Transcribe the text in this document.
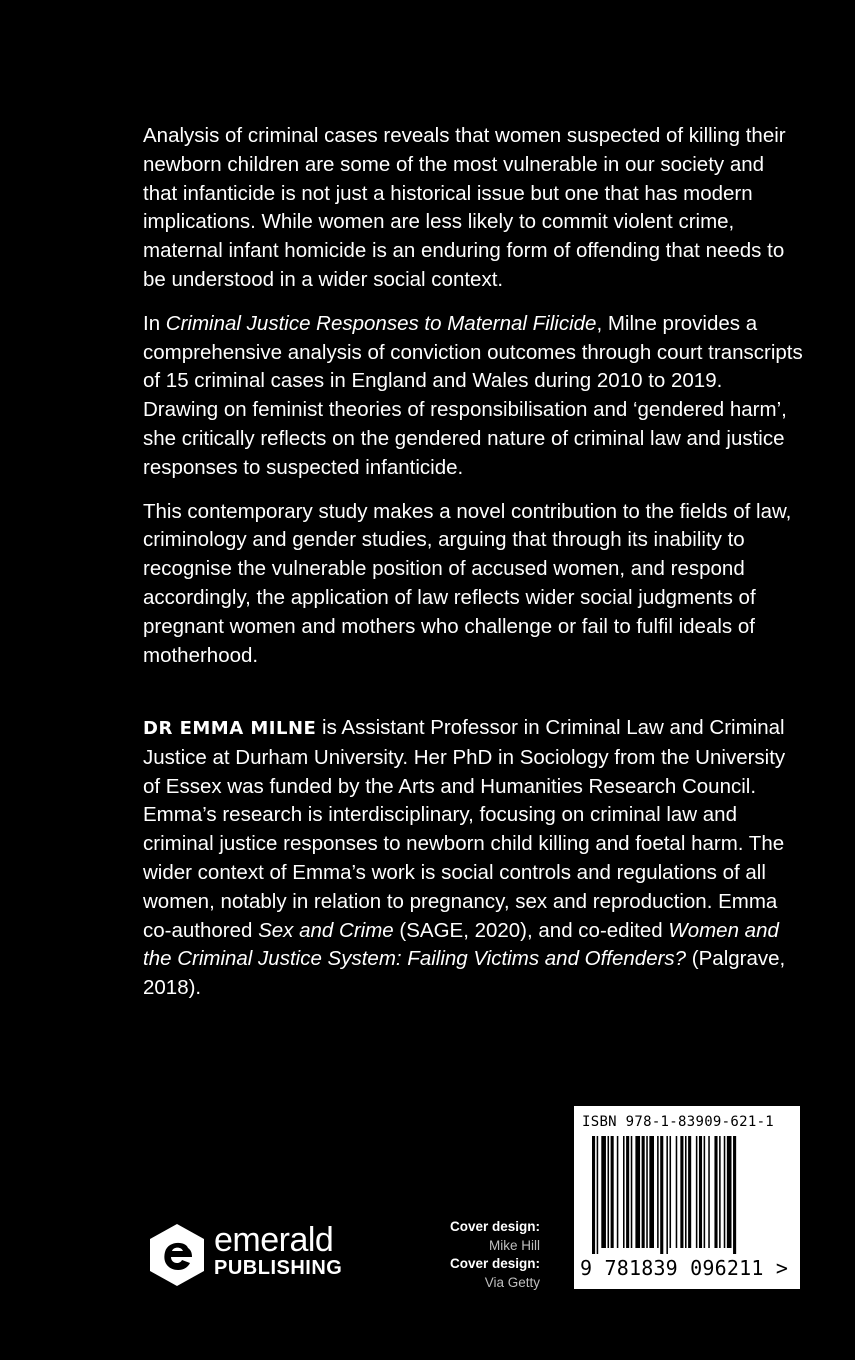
Analysis of criminal cases reveals that women suspected of killing their newborn children are some of the most vulnerable in our society and that infanticide is not just a historical issue but one that has modern implications. While women are less likely to commit violent crime, maternal infant homicide is an enduring form of offending that needs to be understood in a wider social context.

In Criminal Justice Responses to Maternal Filicide, Milne provides a comprehensive analysis of conviction outcomes through court transcripts of 15 criminal cases in England and Wales during 2010 to 2019. Drawing on feminist theories of responsibilisation and ‘gendered harm’, she critically reflects on the gendered nature of criminal law and justice responses to suspected infanticide.

This contemporary study makes a novel contribution to the fields of law, criminology and gender studies, arguing that through its inability to recognise the vulnerable position of accused women, and respond accordingly, the application of law reflects wider social judgments of pregnant women and mothers who challenge or fail to fulfil ideals of motherhood.

DR EMMA MILNE is Assistant Professor in Criminal Law and Criminal Justice at Durham University. Her PhD in Sociology from the University of Essex was funded by the Arts and Humanities Research Council. Emma’s research is interdisciplinary, focusing on criminal law and criminal justice responses to newborn child killing and foetal harm. The wider context of Emma’s work is social controls and regulations of all women, notably in relation to pregnancy, sex and reproduction. Emma co-authored Sex and Crime (SAGE, 2020), and co-edited Women and the Criminal Justice System: Failing Victims and Offenders? (Palgrave, 2018).

ISBN 978-1-83909-621-1
9 781839 096211 >
emerald
PUBLISHING
Cover design:
Mike Hill
Cover design:
Via Getty
